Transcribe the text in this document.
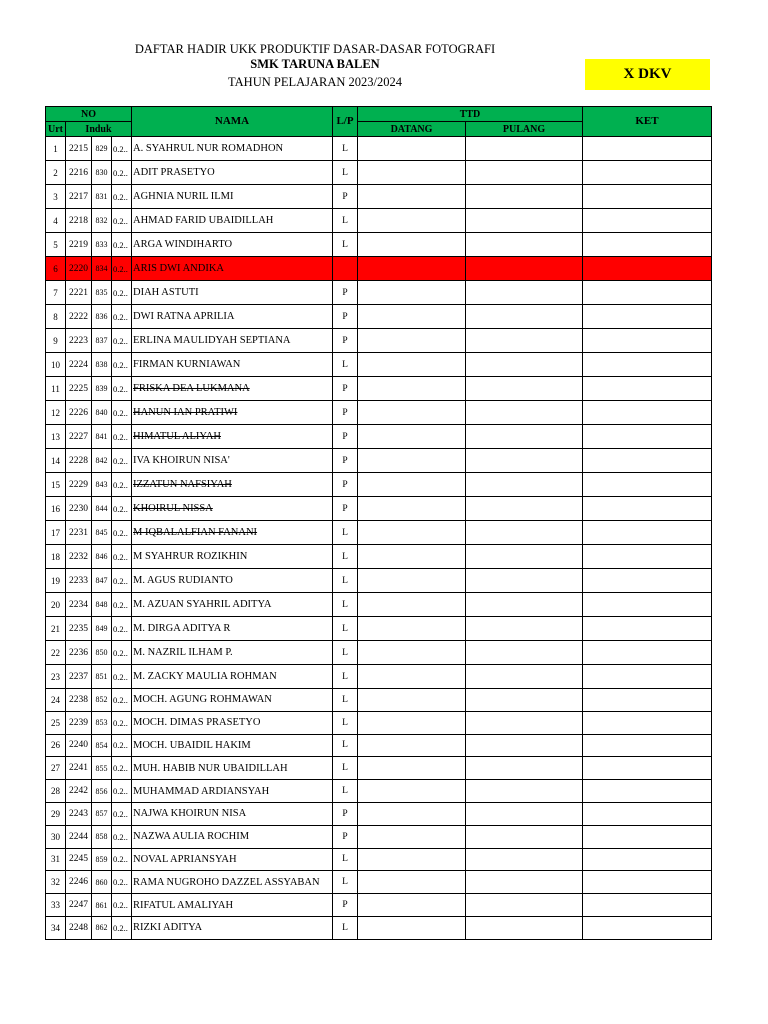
DAFTAR HADIR UKK PRODUKTIF DASAR-DASAR FOTOGRAFI
SMK TARUNA BALEN
TAHUN PELAJARAN 2023/2024	X DKV
NO				NAMA	L/P	TTD		KET
Urt	Induk					DATANG	PULANG	
1	2215	829	0.2..	A. SYAHRUL NUR ROMADHON	L			
2	2216	830	0.2..	ADIT PRASETYO	L			
3	2217	831	0.2..	AGHNIA NURIL ILMI	P			
4	2218	832	0.2..	AHMAD FARID UBAIDILLAH	L			
5	2219	833	0.2..	ARGA WINDIHARTO	L			
6	2220	834	0.2..	ARIS DWI ANDIKA				
7	2221	835	0.2..	DIAH ASTUTI	P			
8	2222	836	0.2..	DWI RATNA APRILIA	P			
9	2223	837	0.2..	ERLINA MAULIDYAH SEPTIANA	P			
10	2224	838	0.2..	FIRMAN KURNIAWAN	L			
11	2225	839	0.2..	FRISKA DEA LUKMANA	P			
12	2226	840	0.2..	HANUN IAN PRATIWI	P			
13	2227	841	0.2..	HIMATUL ALIYAH	P			
14	2228	842	0.2..	IVA KHOIRUN NISA'	P			
15	2229	843	0.2..	IZZATUN NAFSIYAH	P			
16	2230	844	0.2..	KHOIRUL NISSA	P			
17	2231	845	0.2..	M IQBALALFIAN FANANI	L			
18	2232	846	0.2..	M SYAHRUR ROZIKHIN	L			
19	2233	847	0.2..	M. AGUS RUDIANTO	L			
20	2234	848	0.2..	M. AZUAN SYAHRIL ADITYA	L			
21	2235	849	0.2..	M. DIRGA ADITYA R	L			
22	2236	850	0.2..	M. NAZRIL ILHAM P.	L			
23	2237	851	0.2..	M. ZACKY MAULIA ROHMAN	L			
24	2238	852	0.2..	MOCH. AGUNG ROHMAWAN	L			
25	2239	853	0.2..	MOCH. DIMAS PRASETYO	L			
26	2240	854	0.2..	MOCH. UBAIDIL HAKIM	L			
27	2241	855	0.2..	MUH. HABIB NUR UBAIDILLAH	L			
28	2242	856	0.2..	MUHAMMAD ARDIANSYAH	L			
29	2243	857	0.2..	NAJWA KHOIRUN NISA	P			
30	2244	858	0.2..	NAZWA AULIA ROCHIM	P			
31	2245	859	0.2..	NOVAL APRIANSYAH	L			
32	2246	860	0.2..	RAMA NUGROHO DAZZEL ASSYABAN	L			
33	2247	861	0.2..	RIFATUL AMALIYAH	P			
34	2248	862	0.2..	RIZKI ADITYA	L			
